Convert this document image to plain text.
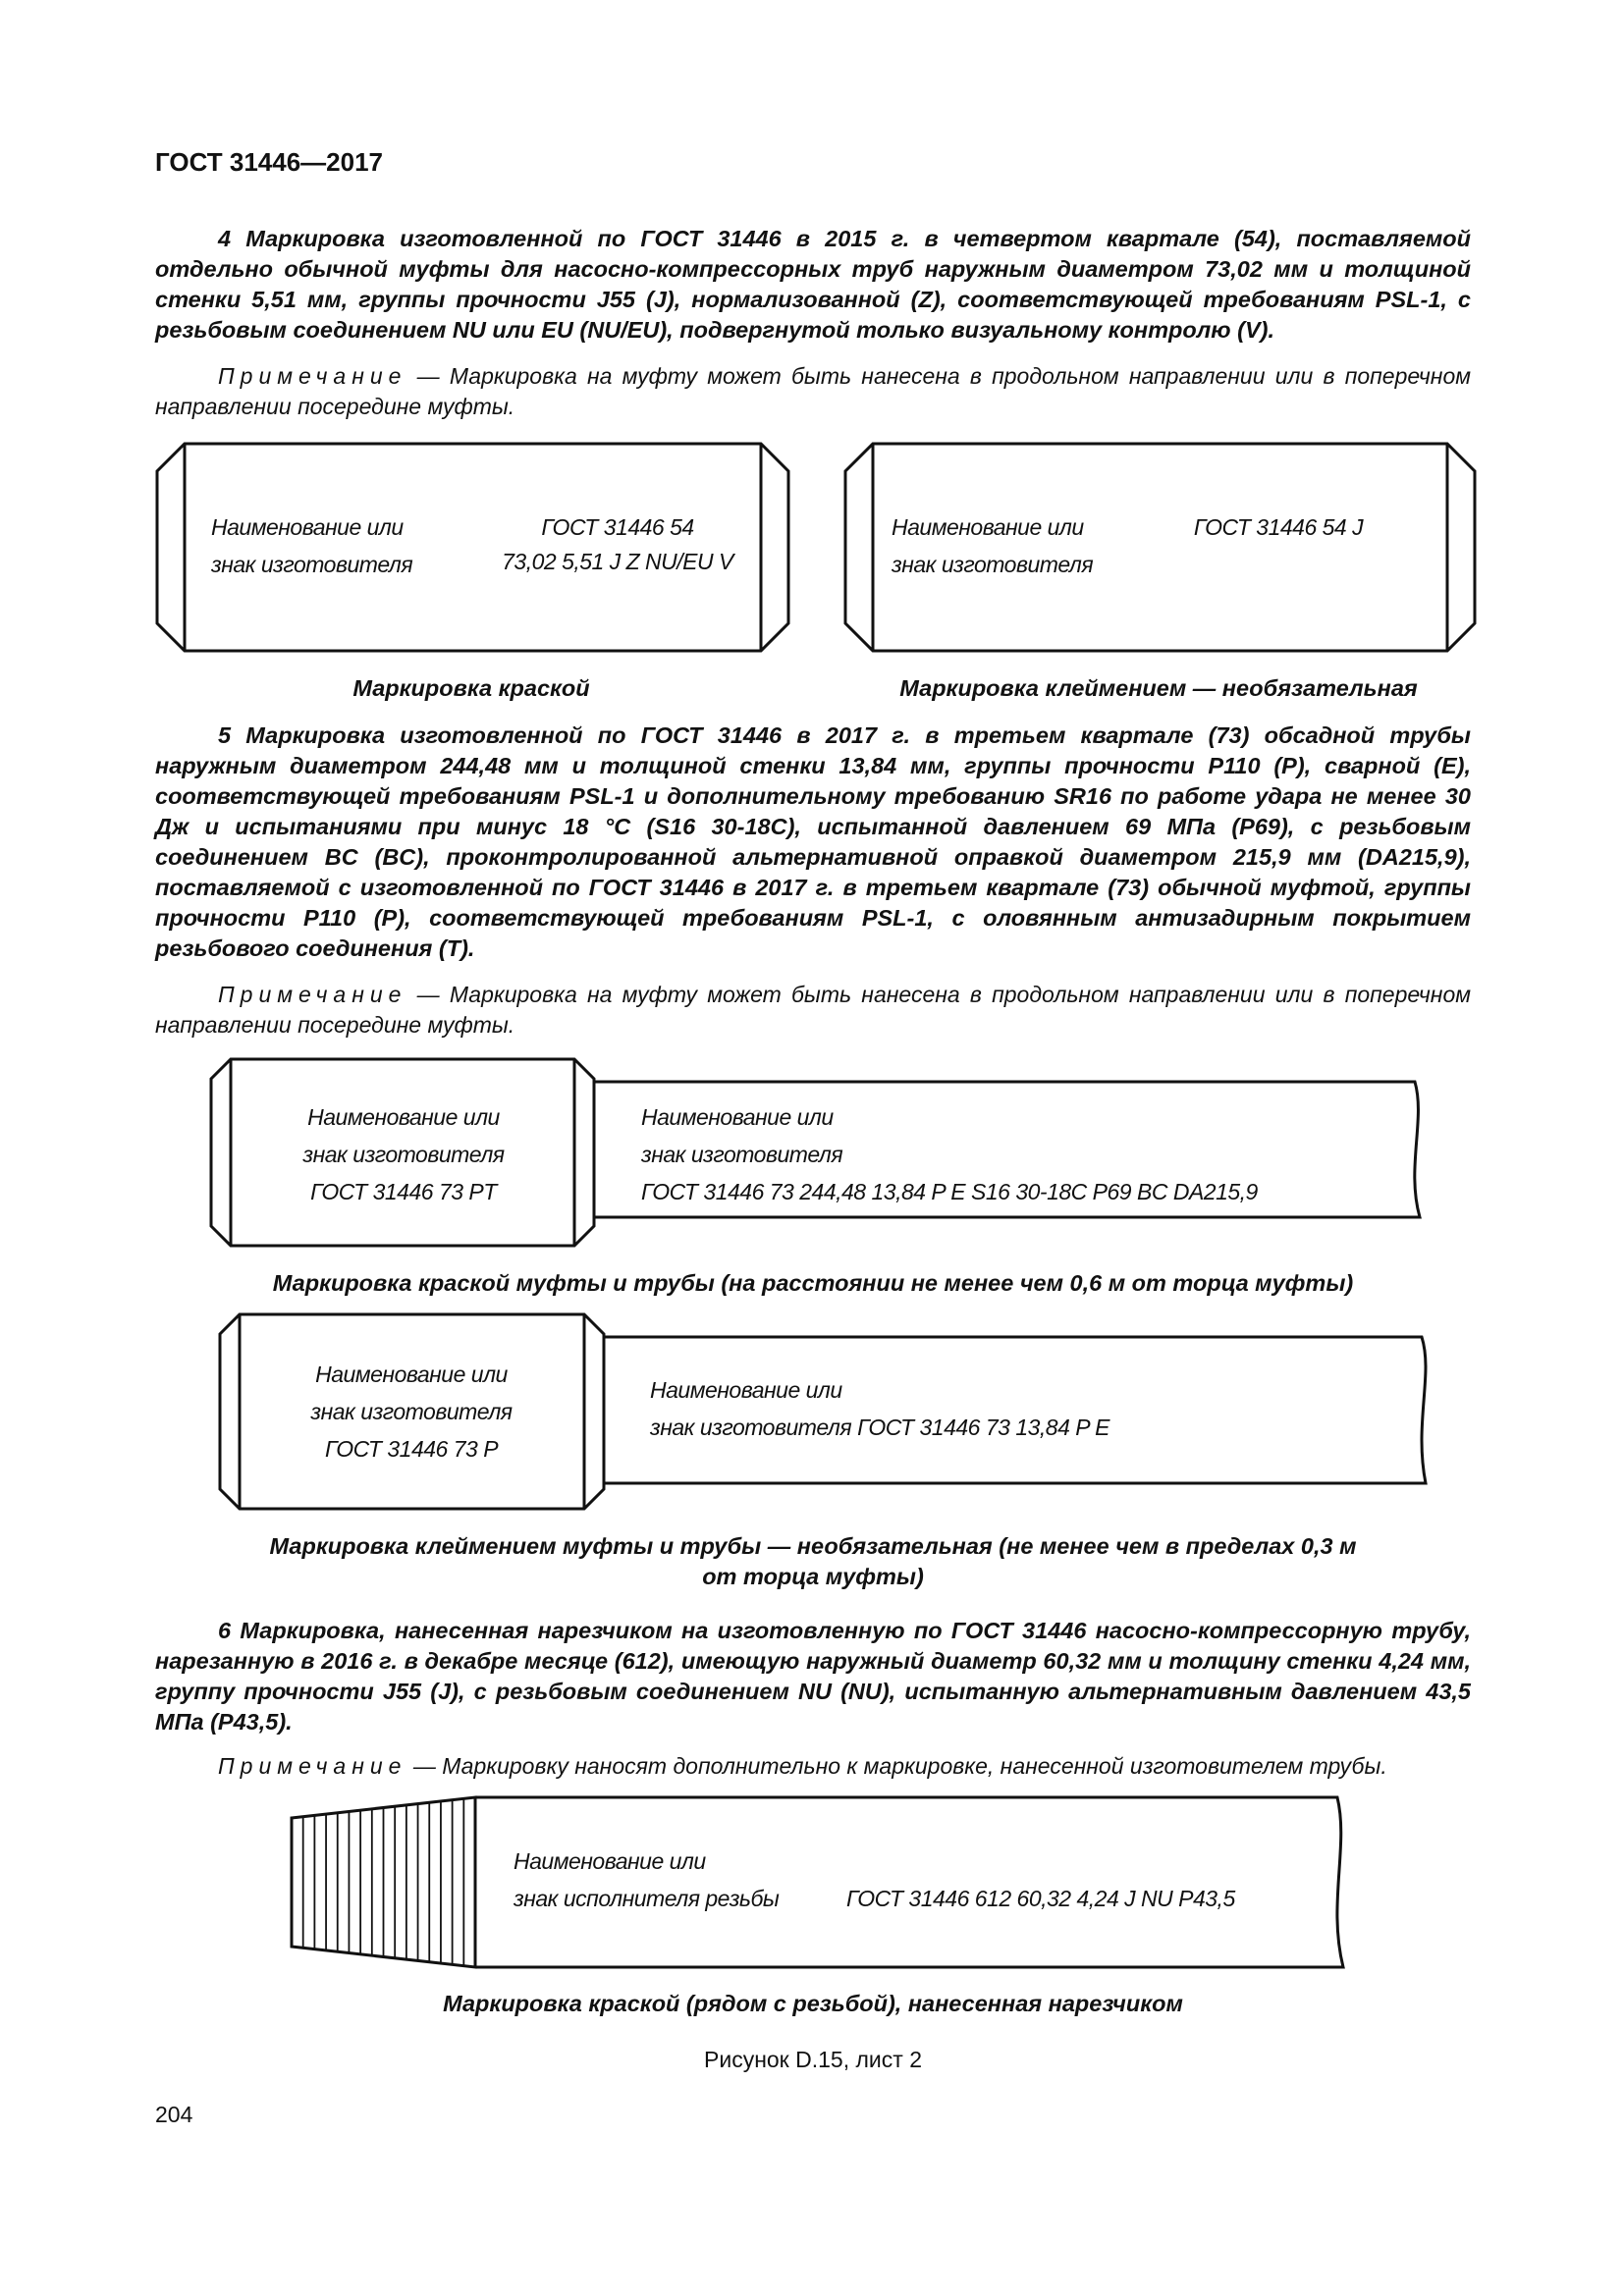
ГОСТ 31446—2017
4 Маркировка изготовленной по ГОСТ 31446 в 2015 г. в четвертом квартале (54), поставляемой отдельно обычной муфты для насосно-компрессорных труб наружным диаметром 73,02 мм и толщиной стенки 5,51 мм, группы прочности J55 (J), нормализованной (Z), соответствующей требованиям PSL-1, с резьбовым соединением NU или EU (NU/EU), подвергнутой только визуальному контролю (V).
Примечание — Маркировка на муфту может быть нанесена в продольном направлении или в поперечном направлении посередине муфты.
Наименование или
знак изготовителя
ГОСТ 31446 54
73,02 5,51 J Z NU/EU V
Наименование или
знак изготовителя
ГОСТ 31446 54 J
Наименование или
знак изготовителя
ГОСТ 31446 73 PT
Наименование или
знак изготовителя
ГОСТ 31446 73 244,48 13,84 P E S16 30-18C P69 BC DA215,9
Наименование или
знак изготовителя
ГОСТ 31446 73 P
Наименование или
знак изготовителя ГОСТ 31446 73 13,84 P E
Наименование или
знак исполнителя резьбы	ГОСТ 31446 612 60,32 4,24 J NU P43,5
Маркировка краской	Маркировка клеймением — необязательная
5 Маркировка изготовленной по ГОСТ 31446 в 2017 г. в третьем квартале (73) обсадной трубы наружным диаметром 244,48 мм и толщиной стенки 13,84 мм, группы прочности P110 (P), сварной (E), соответствующей требованиям PSL-1 и дополнительному требованию SR16 по работе удара не менее 30 Дж и испытаниями при минус 18 °C (S16 30-18C), испытанной давлением 69 МПа (P69), с резьбовым соединением BC (BC), проконтролированной альтернативной оправкой диаметром 215,9 мм (DA215,9), поставляемой с изготовленной по ГОСТ 31446 в 2017 г. в третьем квартале (73) обычной муфтой, группы прочности P110 (P), соответствующей требованиям PSL-1, с оловянным антизадирным покрытием резьбового соединения (T).
Примечание — Маркировка на муфту может быть нанесена в продольном направлении или в поперечном направлении посередине муфты.
Маркировка краской муфты и трубы (на расстоянии не менее чем 0,6 м от торца муфты)
Маркировка клеймением муфты и трубы — необязательная (не менее чем в пределах 0,3 м
от торца муфты)
6 Маркировка, нанесенная нарезчиком на изготовленную по ГОСТ 31446 насосно-компрессорную трубу, нарезанную в 2016 г. в декабре месяце (612), имеющую наружный диаметр 60,32 мм и толщину стенки 4,24 мм, группу прочности J55 (J), с резьбовым соединением NU (NU), испытанную альтернативным давлением 43,5 МПа (P43,5).
Примечание — Маркировку наносят дополнительно к маркировке, нанесенной изготовителем трубы.
Маркировка краской (рядом с резьбой), нанесенная нарезчиком
Рисунок D.15, лист 2
204
